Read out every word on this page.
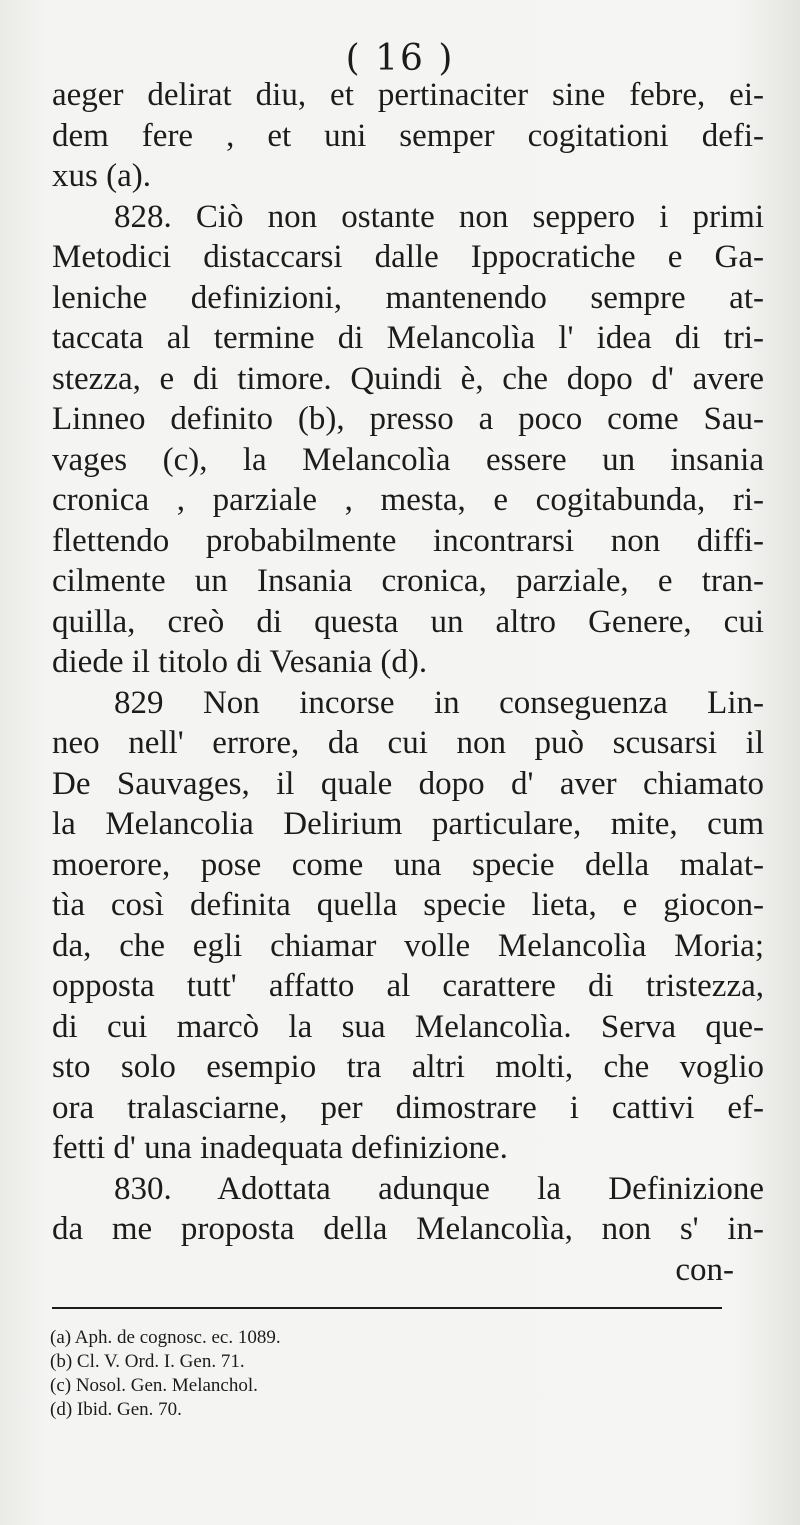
( 16 )
aeger delirat diu, et pertinaciter sine febre, ei-
dem fere , et uni semper cogitationi defi-
xus (a).
828. Ciò non ostante non seppero i primi
Metodici distaccarsi dalle Ippocratiche e Ga-
leniche definizioni, mantenendo sempre at-
taccata al termine di Melancolìa l' idea di tri-
stezza, e di timore. Quindi è, che dopo d' avere
Linneo definito (b), presso a poco come Sau-
vages (c), la Melancolìa essere un insania
cronica , parziale , mesta, e cogitabunda, ri-
flettendo probabilmente incontrarsi non diffi-
cilmente un Insania cronica, parziale, e tran-
quilla, creò di questa un altro Genere, cui
diede il titolo di Vesania (d).
829 Non incorse in conseguenza Lin-
neo nell' errore, da cui non può scusarsi il
De Sauvages, il quale dopo d' aver chiamato
la Melancolia Delirium particulare, mite, cum
moerore, pose come una specie della malat-
tìa così definita quella specie lieta, e giocon-
da, che egli chiamar volle Melancolìa Moria;
opposta tutt' affatto al carattere di tristezza,
di cui marcò la sua Melancolìa. Serva que-
sto solo esempio tra altri molti, che voglio
ora tralasciarne, per dimostrare i cattivi ef-
fetti d' una inadequata definizione.
830. Adottata adunque la Definizione
da me proposta della Melancolìa, non s' in-
con-
(a) Aph. de cognosc. ec. 1089.
(b) Cl. V. Ord. I. Gen. 71.
(c) Nosol. Gen. Melanchol.
(d) Ibid. Gen. 70.
